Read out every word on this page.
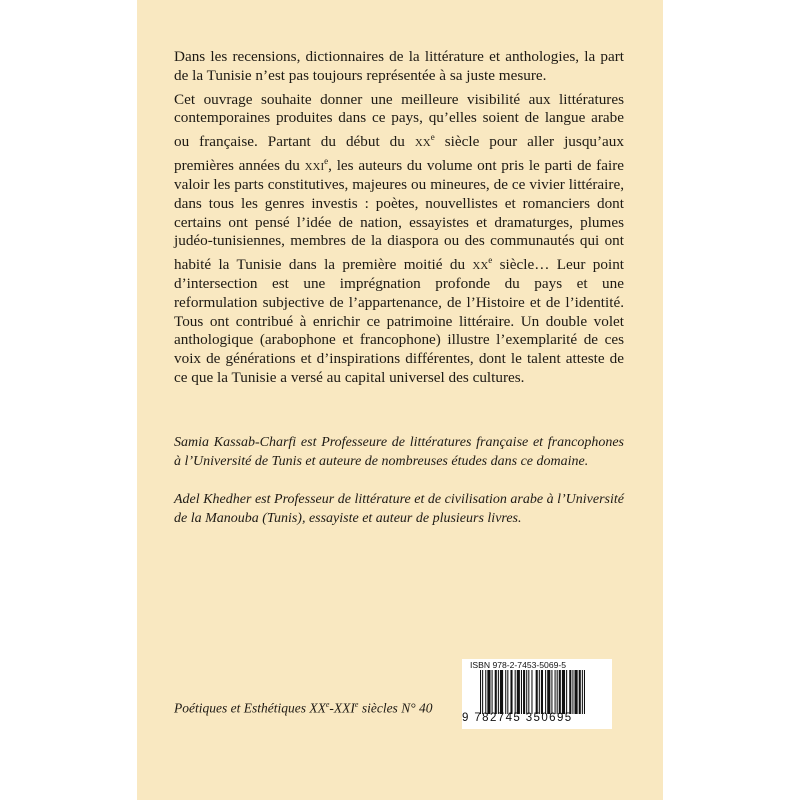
Dans les recensions, dictionnaires de la littérature et anthologies, la part de la Tunisie n’est pas toujours représentée à sa juste mesure.

Cet ouvrage souhaite donner une meilleure visibilité aux littératures contemporaines produites dans ce pays, qu’elles soient de langue arabe ou française. Partant du début du $xx^e$ siècle pour aller jusqu’aux premières années du xxi$^e$, les auteurs du volume ont pris le parti de faire valoir les parts constitutives, majeures ou mineures, de ce vivier littéraire, dans tous les genres investis : poètes, nouvellistes et romanciers dont certains ont pensé l’idée de nation, essayistes et dramaturges, plumes judéo-tunisiennes, membres de la diaspora ou des communautés qui ont habité la Tunisie dans la première moitié du $xx^e$ siècle… Leur point d’intersection est une imprégnation profonde du pays et une reformulation subjective de l’appartenance, de l’Histoire et de l’identité. Tous ont contribué à enrichir ce patrimoine littéraire. Un double volet anthologique (arabophone et francophone) illustre l’exemplarité de ces voix de générations et d’inspirations différentes, dont le talent atteste de ce que la Tunisie a versé au capital universel des cultures.

Samia Kassab-Charfi est Professeure de littératures française et francophones à l’Université de Tunis et auteure de nombreuses études dans ce domaine.

Adel Khedher est Professeur de littérature et de civilisation arabe à l’Université de la Manouba (Tunis), essayiste et auteur de plusieurs livres.

Poétiques et Esthétiques XXe-XXIe siècles N° 40
ISBN 978-2-7453-5069-5
9 782745 350695
